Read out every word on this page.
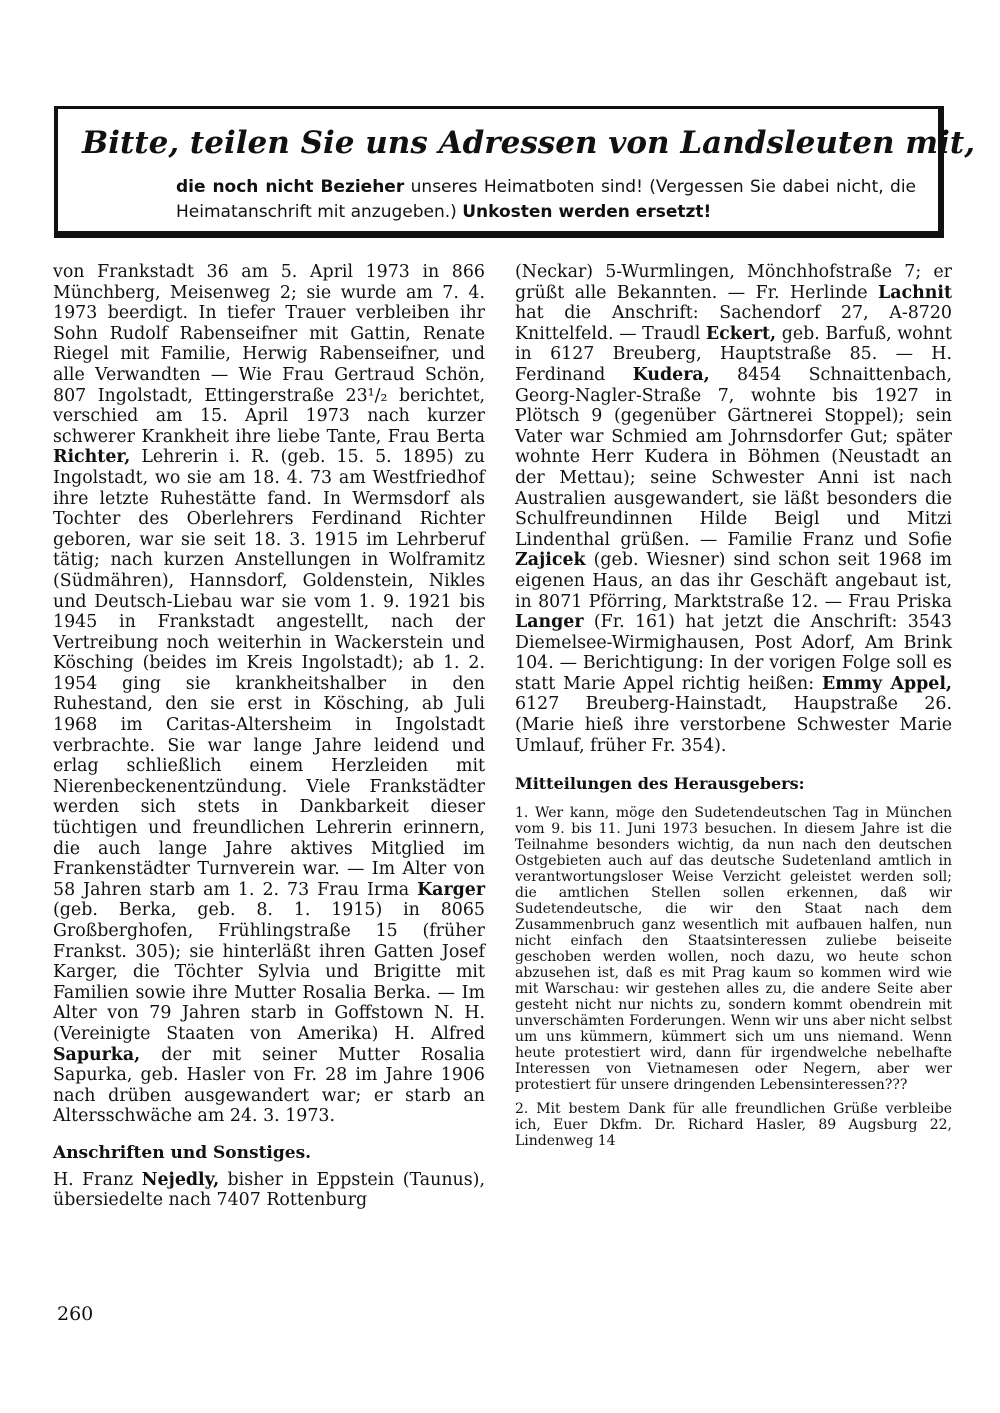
Bitte, teilen Sie uns Adressen von Landsleuten mit,
die noch nicht Bezieher unseres Heimatboten sind! (Vergessen Sie dabei nicht, die Heimatanschrift mit anzugeben.) Unkosten werden ersetzt!

von Frankstadt 36 am 5. April 1973 in 866 Münchberg, Meisenweg 2; sie wurde am 7. 4. 1973 beerdigt. In tiefer Trauer verbleiben ihr Sohn Rudolf Rabenseifner mit Gattin, Renate Riegel mit Familie, Herwig Rabenseifner, und alle Verwandten — Wie Frau Gertraud Schön, 807 Ingolstadt, Ettingerstraße 23¹/₂ berichtet, verschied am 15. April 1973 nach kurzer schwerer Krankheit ihre liebe Tante, Frau Berta Richter, Lehrerin i. R. (geb. 15. 5. 1895) zu Ingolstadt, wo sie am 18. 4. 73 am Westfriedhof ihre letzte Ruhestätte fand. In Wermsdorf als Tochter des Oberlehrers Ferdinand Richter geboren, war sie seit 18. 3. 1915 im Lehrberuf tätig; nach kurzen Anstellungen in Wolframitz (Südmähren), Hannsdorf, Goldenstein, Nikles und Deutsch-Liebau war sie vom 1. 9. 1921 bis 1945 in Frankstadt angestellt, nach der Vertreibung noch weiterhin in Wackerstein und Kösching (beides im Kreis Ingolstadt); ab 1. 2. 1954 ging sie krankheitshalber in den Ruhestand, den sie erst in Kösching, ab Juli 1968 im Caritas-Altersheim in Ingolstadt verbrachte. Sie war lange Jahre leidend und erlag schließlich einem Herzleiden mit Nierenbeckenentzündung. Viele Frankstädter werden sich stets in Dankbarkeit dieser tüchtigen und freundlichen Lehrerin erinnern, die auch lange Jahre aktives Mitglied im Frankenstädter Turnverein war. — Im Alter von 58 Jahren starb am 1. 2. 73 Frau Irma Karger (geb. Berka, geb. 8. 1. 1915) in 8065 Großberghofen, Frühlingstraße 15 (früher Frankst. 305); sie hinterläßt ihren Gatten Josef Karger, die Töchter Sylvia und Brigitte mit Familien sowie ihre Mutter Rosalia Berka. — Im Alter von 79 Jahren starb in Goffstown N. H. (Vereinigte Staaten von Amerika) H. Alfred Sapurka, der mit seiner Mutter Rosalia Sapurka, geb. Hasler von Fr. 28 im Jahre 1906 nach drüben ausgewandert war; er starb an Altersschwäche am 24. 3. 1973.

Anschriften und Sonstiges.

H. Franz Nejedly, bisher in Eppstein (Taunus), übersiedelte nach 7407 Rottenburg

(Neckar) 5-Wurmlingen, Mönchhofstraße 7; er grüßt alle Bekannten. — Fr. Herlinde Lachnit hat die Anschrift: Sachendorf 27, A-8720 Knittelfeld. — Traudl Eckert, geb. Barfuß, wohnt in 6127 Breuberg, Hauptstraße 85. — H. Ferdinand Kudera, 8454 Schnaittenbach, Georg-Nagler-Straße 7, wohnte bis 1927 in Plötsch 9 (gegenüber Gärtnerei Stoppel); sein Vater war Schmied am Johrnsdorfer Gut; später wohnte Herr Kudera in Böhmen (Neustadt an der Mettau); seine Schwester Anni ist nach Australien ausgewandert, sie läßt besonders die Schulfreundinnen Hilde Beigl und Mitzi Lindenthal grüßen. — Familie Franz und Sofie Zajicek (geb. Wiesner) sind schon seit 1968 im eigenen Haus, an das ihr Geschäft angebaut ist, in 8071 Pförring, Marktstraße 12. — Frau Priska Langer (Fr. 161) hat jetzt die Anschrift: 3543 Diemelsee-Wirmighausen, Post Adorf, Am Brink 104. — Berichtigung: In der vorigen Folge soll es statt Marie Appel richtig heißen: Emmy Appel, 6127 Breuberg-Hainstadt, Haupstraße 26. (Marie hieß ihre verstorbene Schwester Marie Umlauf, früher Fr. 354).

Mitteilungen des Herausgebers:

1. Wer kann, möge den Sudetendeutschen Tag in München vom 9. bis 11. Juni 1973 besuchen. In diesem Jahre ist die Teilnahme besonders wichtig, da nun nach den deutschen Ostgebieten auch auf das deutsche Sudetenland amtlich in verantwortungsloser Weise Verzicht geleistet werden soll; die amtlichen Stellen sollen erkennen, daß wir Sudetendeutsche, die wir den Staat nach dem Zusammenbruch ganz wesentlich mit aufbauen halfen, nun nicht einfach den Staatsinteressen zuliebe beiseite geschoben werden wollen, noch dazu, wo heute schon abzusehen ist, daß es mit Prag kaum so kommen wird wie mit Warschau: wir gestehen alles zu, die andere Seite aber gesteht nicht nur nichts zu, sondern kommt obendrein mit unverschämten Forderungen. Wenn wir uns aber nicht selbst um uns kümmern, kümmert sich um uns niemand. Wenn heute protestiert wird, dann für irgendwelche nebelhafte Interessen von Vietnamesen oder Negern, aber wer protestiert für unsere dringenden Lebensinteressen???

2. Mit bestem Dank für alle freundlichen Grüße verbleibe ich, Euer Dkfm. Dr. Richard Hasler, 89 Augsburg 22, Lindenweg 14

260
